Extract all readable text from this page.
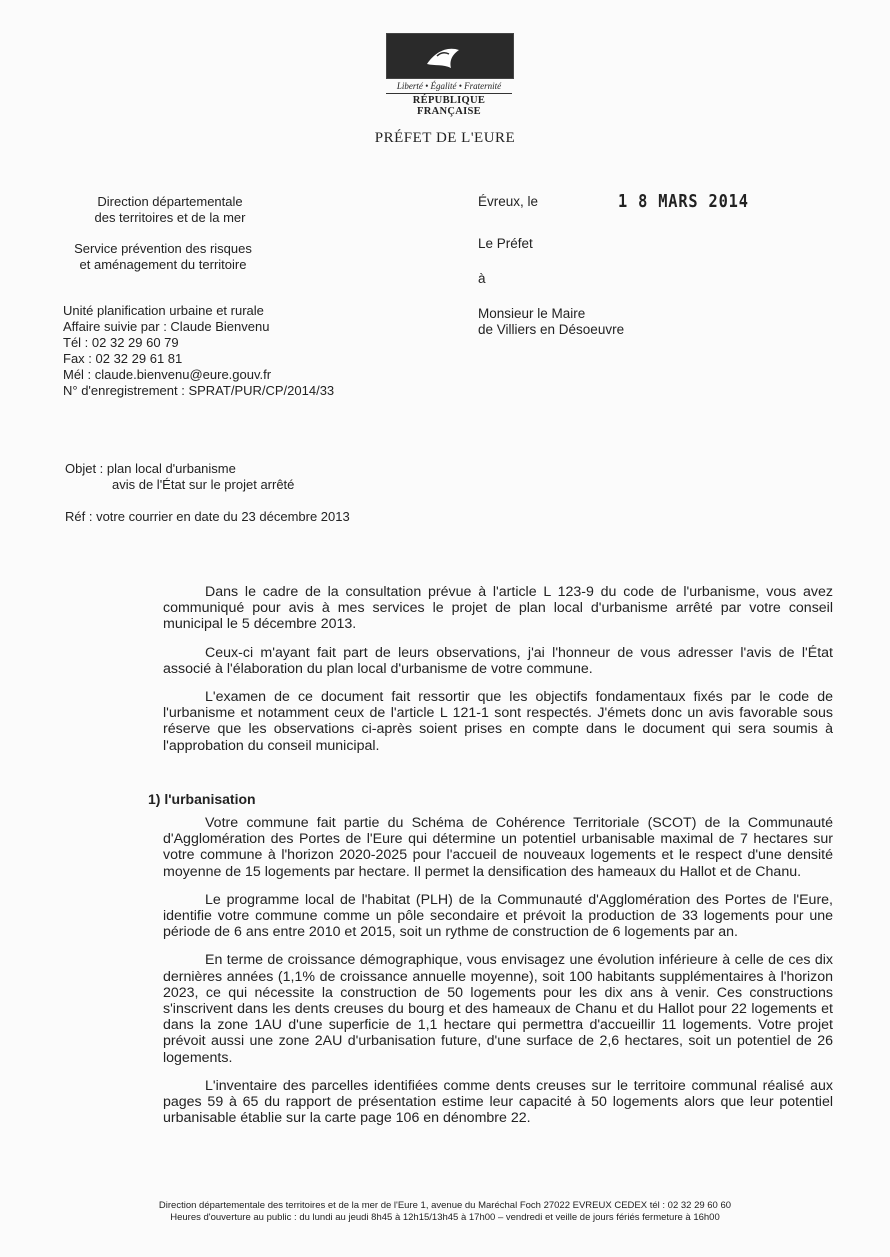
Liberté • Égalité • Fraternité
RÉPUBLIQUE FRANÇAISE
PRÉFET DE L'EURE
Direction départementale
des territoires et de la mer
Service prévention des risques
et aménagement du territoire
Unité planification urbaine et rurale
Affaire suivie par : Claude Bienvenu
Tél : 02 32 29 60 79
Fax : 02 32 29 61 81
Mél : claude.bienvenu@eure.gouv.fr
N° d'enregistrement : SPRAT/PUR/CP/2014/33
Évreux, le	1 8 MARS 2014
Le Préfet
à
Monsieur le Maire
de Villiers en Désoeuvre
Objet : plan local d'urbanisme
avis de l'État sur le projet arrêté
Réf : votre courrier en date du 23 décembre 2013

Dans le cadre de la consultation prévue à l'article L 123-9 du code de l'urbanisme, vous avez communiqué pour avis à mes services le projet de plan local d'urbanisme arrêté par votre conseil municipal le 5 décembre 2013.

Ceux-ci m'ayant fait part de leurs observations, j'ai l'honneur de vous adresser l'avis de l'État associé à l'élaboration du plan local d'urbanisme de votre commune.

L'examen de ce document fait ressortir que les objectifs fondamentaux fixés par le code de l'urbanisme et notamment ceux de l'article L 121-1 sont respectés. J'émets donc un avis favorable sous réserve que les observations ci-après soient prises en compte dans le document qui sera soumis à l'approbation du conseil municipal.

1) l'urbanisation

Votre commune fait partie du Schéma de Cohérence Territoriale (SCOT) de la Communauté d'Agglomération des Portes de l'Eure qui détermine un potentiel urbanisable maximal de 7 hectares sur votre commune à l'horizon 2020-2025 pour l'accueil de nouveaux logements et le respect d'une densité moyenne de 15 logements par hectare. Il permet la densification des hameaux du Hallot et de Chanu.

Le programme local de l'habitat (PLH) de la Communauté d'Agglomération des Portes de l'Eure, identifie votre commune comme un pôle secondaire et prévoit la production de 33 logements pour une période de 6 ans entre 2010 et 2015, soit un rythme de construction de 6 logements par an.

En terme de croissance démographique, vous envisagez une évolution inférieure à celle de ces dix dernières années (1,1% de croissance annuelle moyenne), soit 100 habitants supplémentaires à l'horizon 2023, ce qui nécessite la construction de 50 logements pour les dix ans à venir. Ces constructions s'inscrivent dans les dents creuses du bourg et des hameaux de Chanu et du Hallot pour 22 logements et dans la zone 1AU d'une superficie de 1,1 hectare qui permettra d'accueillir 11 logements. Votre projet prévoit aussi une zone 2AU d'urbanisation future, d'une surface de 2,6 hectares, soit un potentiel de 26 logements.

L'inventaire des parcelles identifiées comme dents creuses sur le territoire communal réalisé aux pages 59 à 65 du rapport de présentation estime leur capacité à 50 logements alors que leur potentiel urbanisable établie sur la carte page 106 en dénombre 22.

Direction départementale des territoires et de la mer de l'Eure 1, avenue du Maréchal Foch 27022 EVREUX CEDEX tél : 02 32 29 60 60
Heures d'ouverture au public : du lundi au jeudi 8h45 à 12h15/13h45 à 17h00 – vendredi et veille de jours fériés fermeture à 16h00
